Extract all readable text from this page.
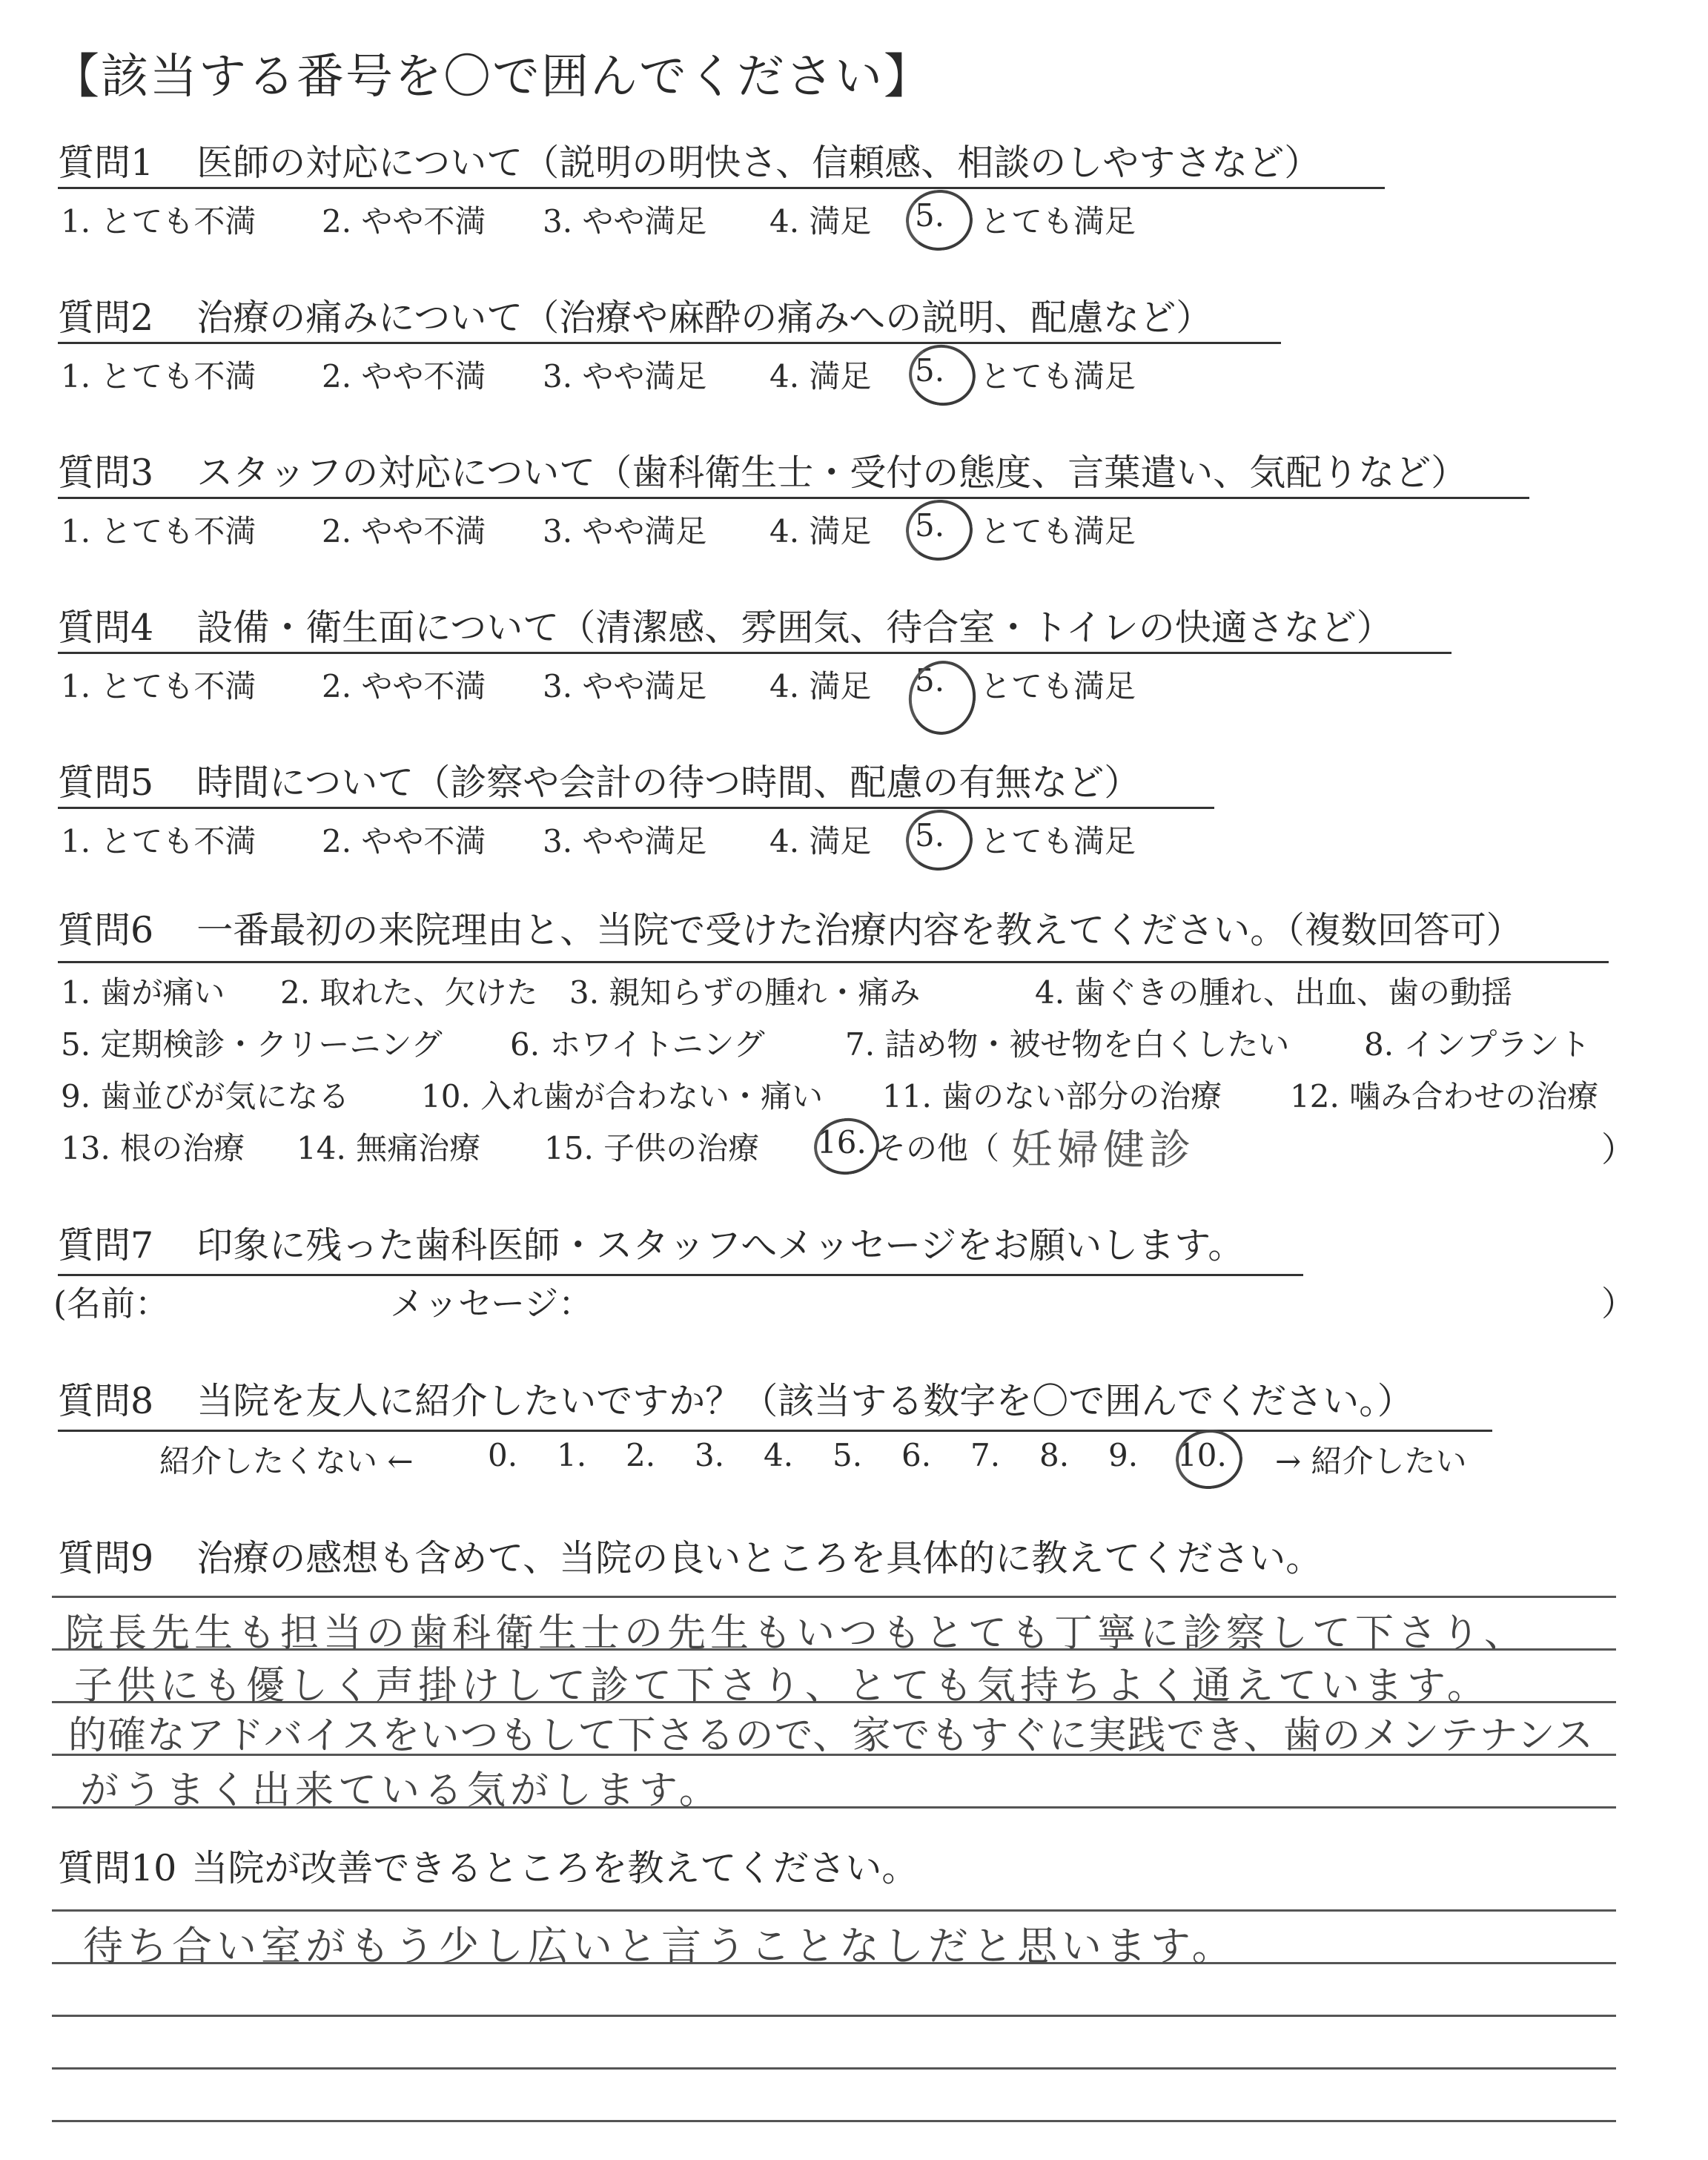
【該当する番号を〇で囲んでください】
質問1 医師の対応について（説明の明快さ、信頼感、相談のしやすさなど）
1. とても不満 2. やや不満 3. やや満足 4. 満足 5. とても満足
質問2 治療の痛みについて（治療や麻酔の痛みへの説明、配慮など）
1. とても不満 2. やや不満 3. やや満足 4. 満足 5. とても満足
質問3 スタッフの対応について（歯科衛生士・受付の態度、言葉遣い、気配りなど）
1. とても不満 2. やや不満 3. やや満足 4. 満足 5. とても満足
質問4 設備・衛生面について（清潔感、雰囲気、待合室・トイレの快適さなど）
1. とても不満 2. やや不満 3. やや満足 4. 満足 5. とても満足
質問5 時間について（診察や会計の待つ時間、配慮の有無など）
1. とても不満 2. やや不満 3. やや満足 4. 満足 5. とても満足
質問6 一番最初の来院理由と、当院で受けた治療内容を教えてください。（複数回答可）
1. 歯が痛い 2. 取れた、欠けた 3. 親知らずの腫れ・痛み	4. 歯ぐきの腫れ、出血、歯の動揺
5. 定期検診・クリーニング 6. ホワイトニング	7. 詰め物・被せ物を白くしたい 8. インプラント
9. 歯並びが気になる 10. 入れ歯が合わない・痛い 11. 歯のない部分の治療 12. 噛み合わせの治療
13. 根の治療 14. 無痛治療 15. 子供の治療 16. その他（ 妊婦健診	）
質問7 印象に残った歯科医師・スタッフへメッセージをお願いします。
(名前：	メッセージ：	）
質問8 当院を友人に紹介したいですか？（該当する数字を〇で囲んでください。）
紹介したくない ← 0. 1. 2. 3. 4. 5. 6. 7. 8. 9. 10. → 紹介したい
質問9 治療の感想も含めて、当院の良いところを具体的に教えてください。
院長先生も担当の歯科衛生士の先生もいつもとても丁寧に診察して下さり、
子供にも優しく声掛けして診て下さり、とても気持ちよく通えています。
的確なアドバイスをいつもして下さるので、家でもすぐに実践でき、歯のメンテナンス
がうまく出来ている気がします。
質問10 当院が改善できるところを教えてください。
待ち合い室がもう少し広いと言うことなしだと思います。
